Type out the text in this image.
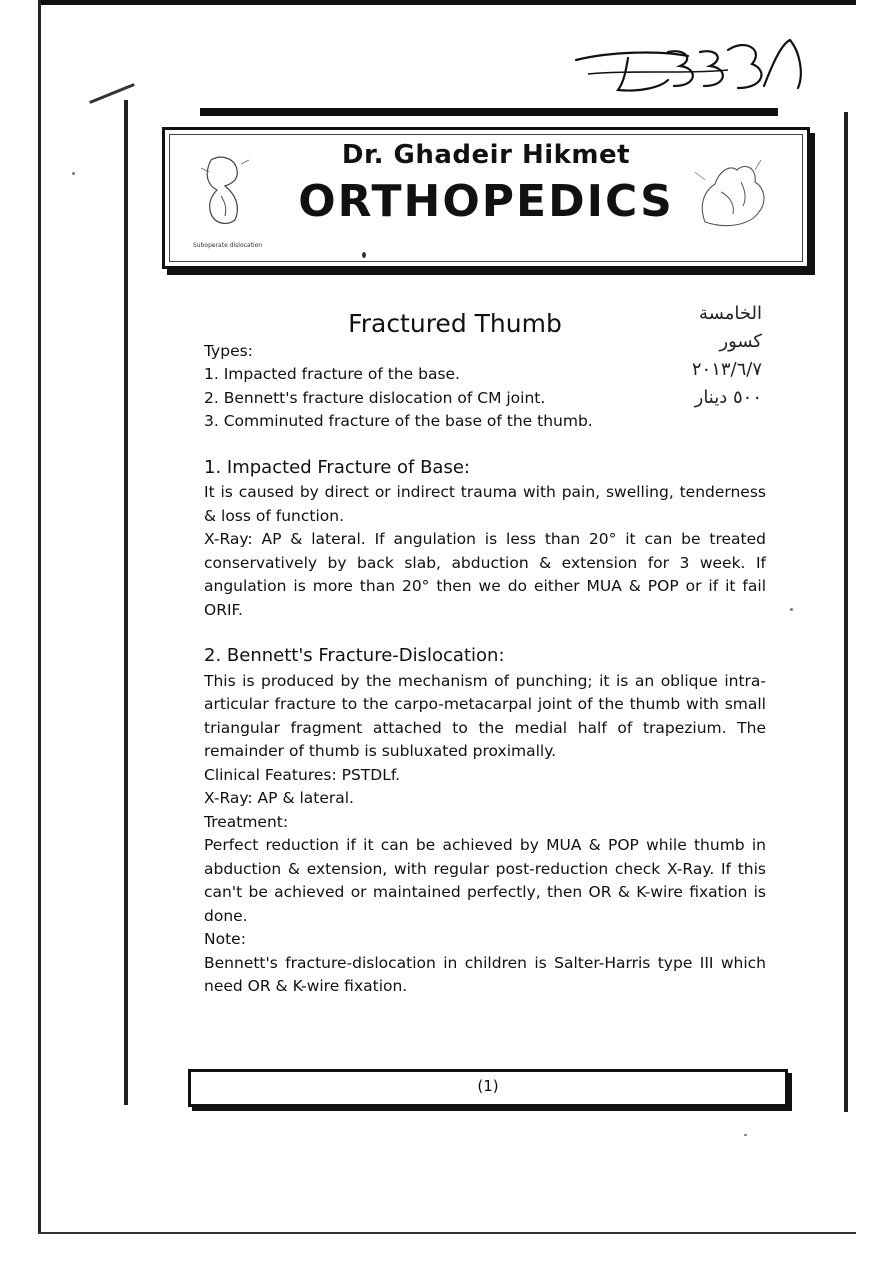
Suboperate dislocation
Dr. Ghadeir Hikmet
ORTHOPEDICS
الخامسة
كسور
٢٠١٣/٦/٧
٥٠٠ دينار
Fractured Thumb
Types:
1. Impacted fracture of the base.
2. Bennett's fracture dislocation of CM joint.
3. Comminuted fracture of the base of the thumb.
1. Impacted Fracture of Base:

It is caused by direct or indirect trauma with pain, swelling, tenderness & loss of function.

X-Ray: AP & lateral. If angulation is less than 20° it can be treated conservatively by back slab, abduction & extension for 3 week. If angulation is more than 20° then we do either MUA & POP or if it fail ORIF.

2. Bennett's Fracture-Dislocation:

This is produced by the mechanism of punching; it is an oblique intra-articular fracture to the carpo-metacarpal joint of the thumb with small triangular fragment attached to the medial half of trapezium. The remainder of thumb is subluxated proximally.

Clinical Features: PSTDLf.
X-Ray: AP & lateral.
Treatment:

Perfect reduction if it can be achieved by MUA & POP while thumb in abduction & extension, with regular post-reduction check X-Ray. If this can't be achieved or maintained perfectly, then OR & K-wire fixation is done.

Note:

Bennett's fracture-dislocation in children is Salter-Harris type III which need OR & K-wire fixation.

(1)
